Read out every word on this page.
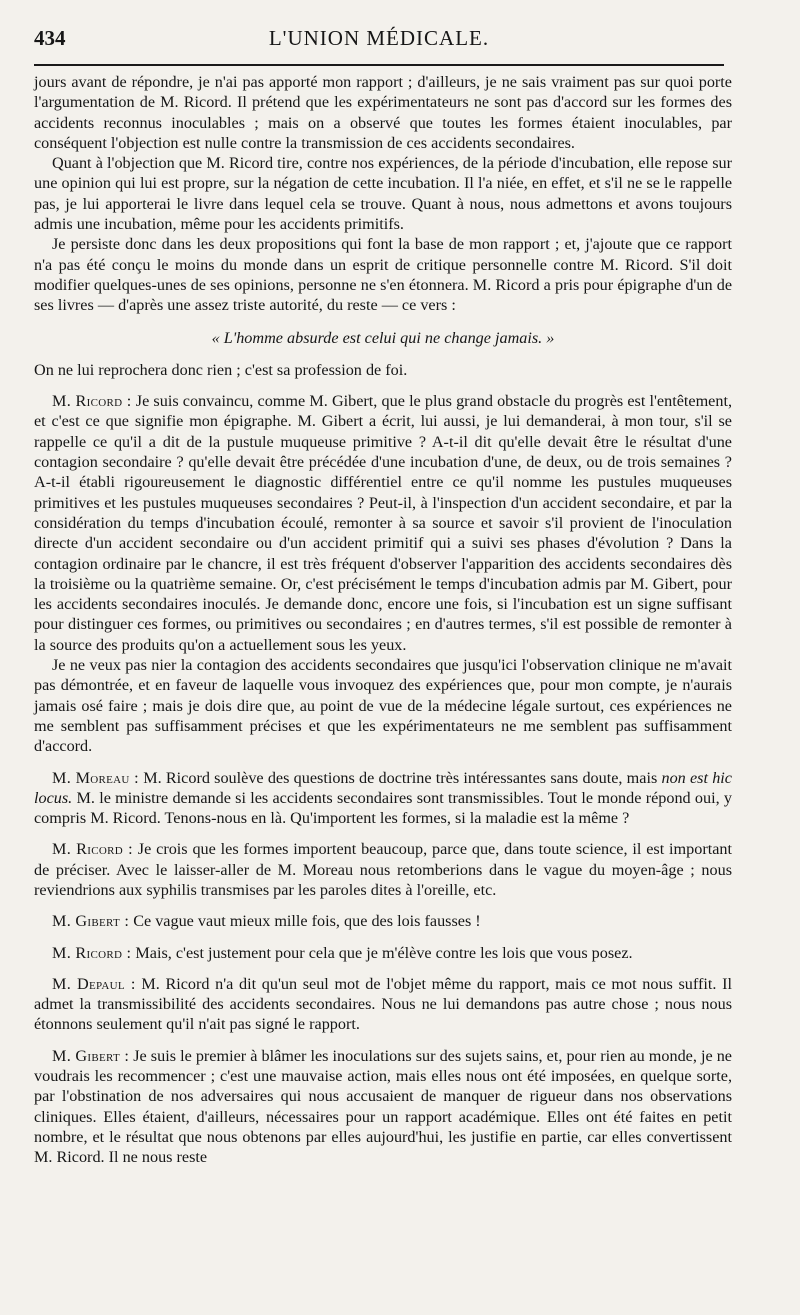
434	L'UNION MÉDICALE.

jours avant de répondre, je n'ai pas apporté mon rapport ; d'ailleurs, je ne sais vraiment pas sur quoi porte l'argumentation de M. Ricord. Il prétend que les expérimentateurs ne sont pas d'accord sur les formes des accidents reconnus inoculables ; mais on a observé que toutes les formes étaient inoculables, par conséquent l'objection est nulle contre la transmission de ces accidents secondaires.

Quant à l'objection que M. Ricord tire, contre nos expériences, de la période d'incubation, elle repose sur une opinion qui lui est propre, sur la négation de cette incubation. Il l'a niée, en effet, et s'il ne se le rappelle pas, je lui apporterai le livre dans lequel cela se trouve. Quant à nous, nous admettons et avons toujours admis une incubation, même pour les accidents primitifs.

Je persiste donc dans les deux propositions qui font la base de mon rapport ; et, j'ajoute que ce rapport n'a pas été conçu le moins du monde dans un esprit de critique personnelle contre M. Ricord. S'il doit modifier quelques-unes de ses opinions, personne ne s'en étonnera. M. Ricord a pris pour épigraphe d'un de ses livres — d'après une assez triste autorité, du reste — ce vers :

« L'homme absurde est celui qui ne change jamais. »

On ne lui reprochera donc rien ; c'est sa profession de foi.

M. Ricord : Je suis convaincu, comme M. Gibert, que le plus grand obstacle du progrès est l'entêtement, et c'est ce que signifie mon épigraphe. M. Gibert a écrit, lui aussi, je lui demanderai, à mon tour, s'il se rappelle ce qu'il a dit de la pustule muqueuse primitive ? A-t-il dit qu'elle devait être le résultat d'une contagion secondaire ? qu'elle devait être précédée d'une incubation d'une, de deux, ou de trois semaines ? A-t-il établi rigoureusement le diagnostic différentiel entre ce qu'il nomme les pustules muqueuses primitives et les pustules muqueuses secondaires ? Peut-il, à l'inspection d'un accident secondaire, et par la considération du temps d'incubation écoulé, remonter à sa source et savoir s'il provient de l'inoculation directe d'un accident secondaire ou d'un accident primitif qui a suivi ses phases d'évolution ? Dans la contagion ordinaire par le chancre, il est très fréquent d'observer l'apparition des accidents secondaires dès la troisième ou la quatrième semaine. Or, c'est précisément le temps d'incubation admis par M. Gibert, pour les accidents secondaires inoculés. Je demande donc, encore une fois, si l'incubation est un signe suffisant pour distinguer ces formes, ou primitives ou secondaires ; en d'autres termes, s'il est possible de remonter à la source des produits qu'on a actuellement sous les yeux.

Je ne veux pas nier la contagion des accidents secondaires que jusqu'ici l'observation clinique ne m'avait pas démontrée, et en faveur de laquelle vous invoquez des expériences que, pour mon compte, je n'aurais jamais osé faire ; mais je dois dire que, au point de vue de la médecine légale surtout, ces expériences ne me semblent pas suffisamment précises et que les expérimentateurs ne me semblent pas suffisamment d'accord.

M. Moreau : M. Ricord soulève des questions de doctrine très intéressantes sans doute, mais non est hic locus. M. le ministre demande si les accidents secondaires sont transmissibles. Tout le monde répond oui, y compris M. Ricord. Tenons-nous en là. Qu'importent les formes, si la maladie est la même ?

M. Ricord : Je crois que les formes importent beaucoup, parce que, dans toute science, il est important de préciser. Avec le laisser-aller de M. Moreau nous retomberions dans le vague du moyen-âge ; nous reviendrions aux syphilis transmises par les paroles dites à l'oreille, etc.

M. Gibert : Ce vague vaut mieux mille fois, que des lois fausses !

M. Ricord : Mais, c'est justement pour cela que je m'élève contre les lois que vous posez.

M. Depaul : M. Ricord n'a dit qu'un seul mot de l'objet même du rapport, mais ce mot nous suffit. Il admet la transmissibilité des accidents secondaires. Nous ne lui demandons pas autre chose ; nous nous étonnons seulement qu'il n'ait pas signé le rapport.

M. Gibert : Je suis le premier à blâmer les inoculations sur des sujets sains, et, pour rien au monde, je ne voudrais les recommencer ; c'est une mauvaise action, mais elles nous ont été imposées, en quelque sorte, par l'obstination de nos adversaires qui nous accusaient de manquer de rigueur dans nos observations cliniques. Elles étaient, d'ailleurs, nécessaires pour un rapport académique. Elles ont été faites en petit nombre, et le résultat que nous obtenons par elles aujourd'hui, les justifie en partie, car elles convertissent M. Ricord. Il ne nous reste
